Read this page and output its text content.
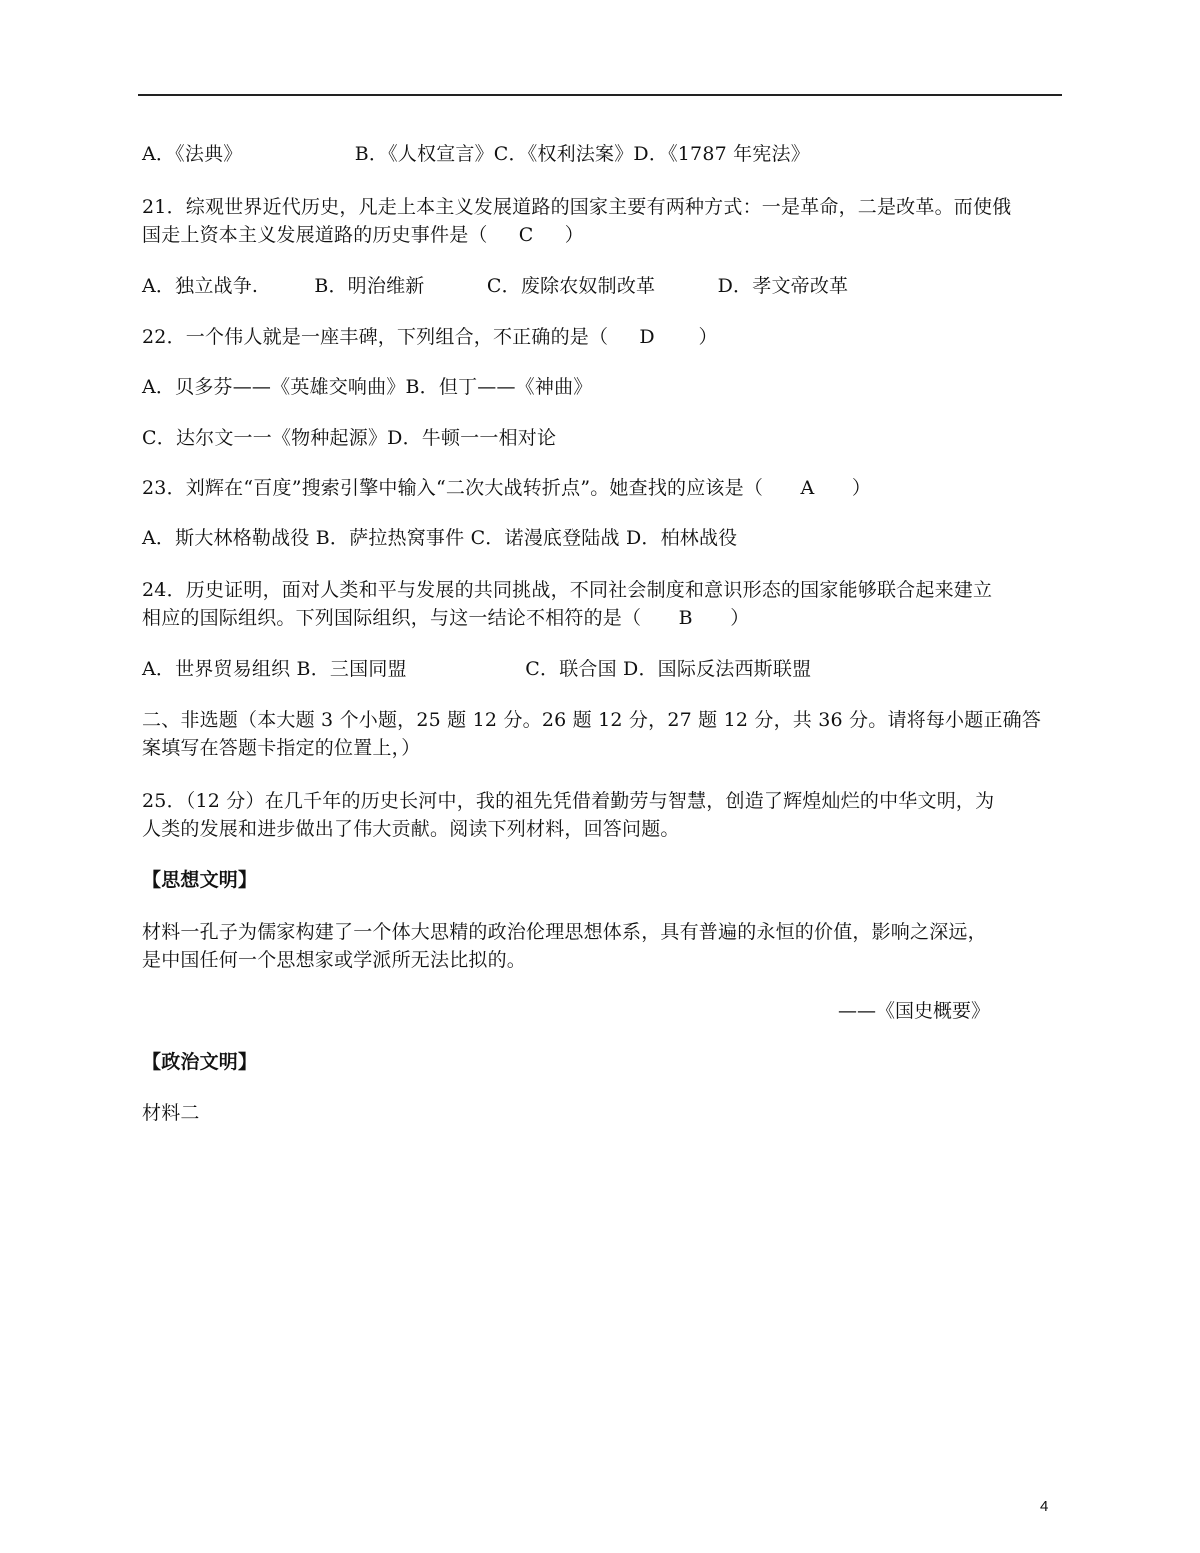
A．《法典》                  B．《人权宣言》C．《权利法案》D．《1787 年宪法》
21．综观世界近代历史，凡走上本主义发展道路的国家主要有两种方式：一是革命，二是改革。而使俄
国走上资本主义发展道路的历史事件是（     C     ）
A．独立战争.         B．明治维新          C．废除农奴制改革          D．孝文帝改革
22．一个伟人就是一座丰碑，下列组合，不正确的是（     D       ）
A．贝多芬——《英雄交响曲》B．但丁——《神曲》
C．达尔文一一《物种起源》D．牛顿一一相对论
23．刘辉在“百度”搜索引擎中输入“二次大战转折点”。她查找的应该是（      A      ）
A．斯大林格勒战役 B．萨拉热窝事件 C．诺漫底登陆战 D．柏林战役
24．历史证明，面对人类和平与发展的共同挑战，不同社会制度和意识形态的国家能够联合起来建立
相应的国际组织。下列国际组织，与这一结论不相符的是（      B      ）
A．世界贸易组织 B．三国同盟                   C．联合国 D．国际反法西斯联盟
二、非选题（本大题 3 个小题，25 题 12 分。26 题 12 分，27 题 12 分，共 36 分。请将每小题正确答
案填写在答题卡指定的位置上，）
25．（12 分）在几千年的历史长河中，我的祖先凭借着勤劳与智慧，创造了辉煌灿烂的中华文明，为
人类的发展和进步做出了伟大贡献。阅读下列材料，回答问题。
【思想文明】
材料一孔子为儒家构建了一个体大思精的政治伦理思想体系，具有普遍的永恒的价值，影响之深远，
是中国任何一个思想家或学派所无法比拟的。
——《国史概要》
【政治文明】
材料二
4
